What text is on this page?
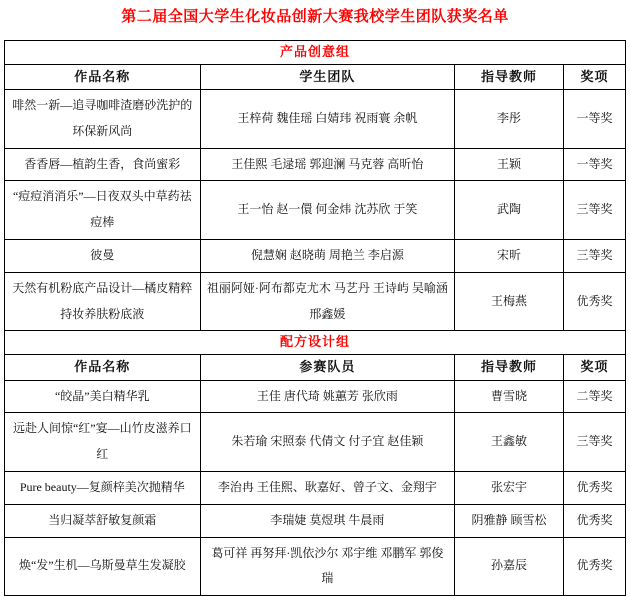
第二届全国大学生化妆品创新大赛我校学生团队获奖名单
产品创意组			
作品名称	学生团队	指导教师	奖项
啡然一新—追寻咖啡渣磨砂洗护的环保新风尚	王梓荷 魏佳瑶 白婧玮 祝雨寰 余帆	李彤	一等奖
香香唇—植韵生香，食尚蜜彩	王佳熙 毛逯瑶 郭迎澜 马克蓉 高昕怡	王颖	一等奖
“痘痘消消乐”—日夜双头中草药祛痘棒	王一怡 赵一儇 何金炜 沈苏欣 于笑	武陶	三等奖
彼曼	倪慧娴 赵晓萌 周艳兰 李启源	宋昕	三等奖
天然有机粉底产品设计—橘皮精粹持妆养肤粉底液	祖丽阿娅·阿布都克尤木 马艺丹 王诗屿 吴喻涵 邢鑫媛	王梅燕	优秀奖
配方设计组			
作品名称	参赛队员	指导教师	奖项
“皎晶”美白精华乳	王佳 唐代琦 姚蕙芳 张欣雨	曹雪晓	二等奖
远赴人间惊“红”宴—山竹皮滋养口红	朱若瑜 宋照泰 代倩文 付子宜 赵佳颖	王鑫敏	三等奖
Pure beauty—复颜梓美次抛精华	李治冉 王佳熙、耿嘉好、曾子文、金翔宇	张宏宇	优秀奖
当归凝萃舒敏复颜霜	李瑞婕 莫煜琪 牛晨雨	阴雅静 顾雪松	优秀奖
焕“发”生机—乌斯曼草生发凝胶	葛可祥 再努拜·凯依沙尔 邓宇维 邓鹏军 郭俊瑞	孙嘉辰	优秀奖
